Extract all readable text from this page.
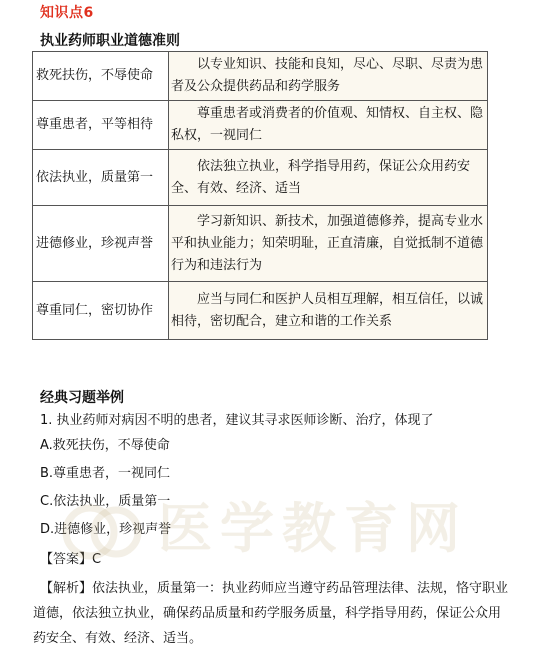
知识点6
执业药师职业道德准则
救死扶伤，不辱使命	以专业知识、技能和良知，尽心、尽职、尽责为患者及公众提供药品和药学服务

尊重患者，平等相待	尊重患者或消费者的价值观、知情权、自主权、隐私权，一视同仁

依法执业，质量第一	依法独立执业，科学指导用药，保证公众用药安全、有效、经济、适当

进德修业，珍视声誉	学习新知识、新技术，加强道德修养，提高专业水平和执业能力；知荣明耻，正直清廉，自觉抵制不道德行为和违法行为

尊重同仁，密切协作	应当与同仁和医护人员相互理解，相互信任，以诚相待，密切配合，建立和谐的工作关系
经典习题举例
1. 执业药师对病因不明的患者，建议其寻求医师诊断、治疗，体现了
A.救死扶伤，不辱使命
B.尊重患者，一视同仁
C.依法执业，质量第一
D.进德修业，珍视声誉
【答案】C
【解析】依法执业，质量第一：执业药师应当遵守药品管理法律、法规，恪守职业道德，依法独立执业，确保药品质量和药学服务质量，科学指导用药，保证公众用药安全、有效、经济、适当。
医学教育网
